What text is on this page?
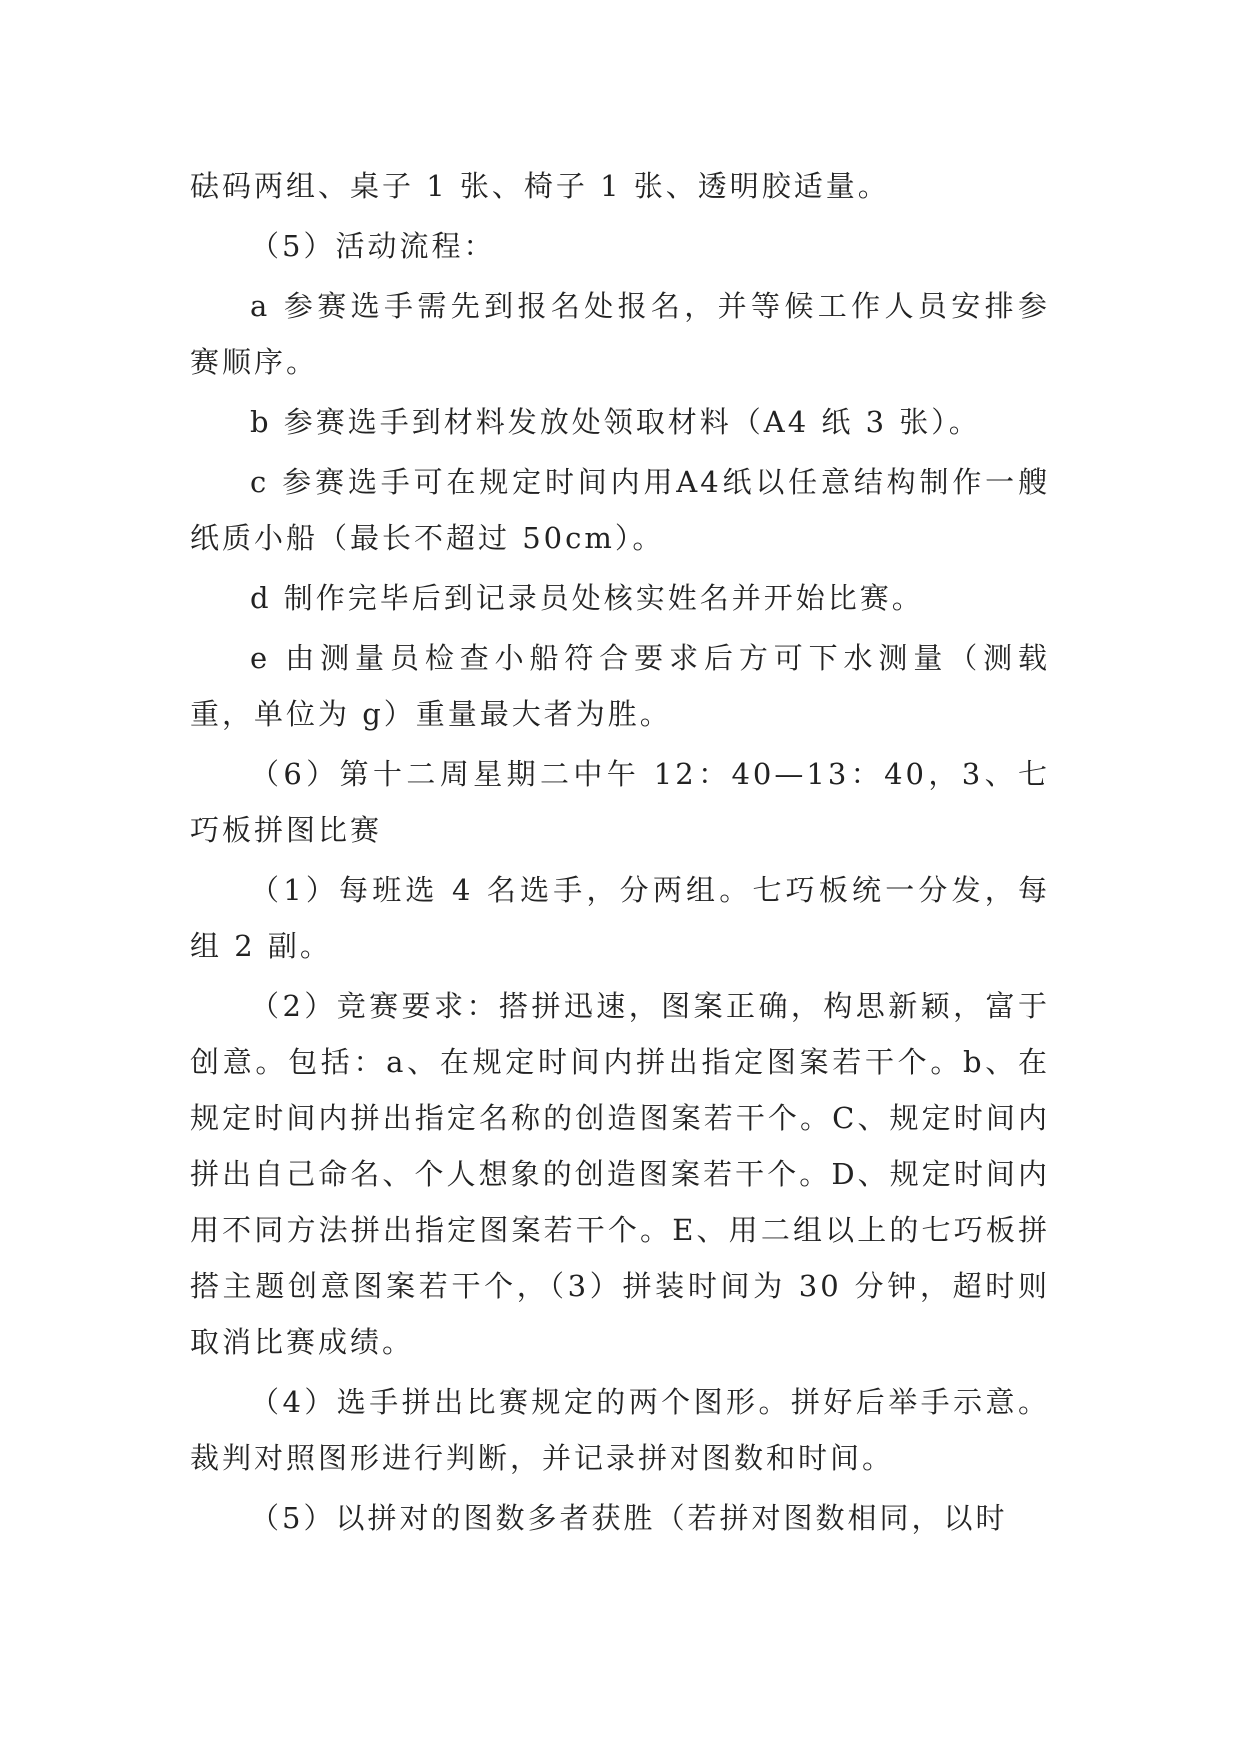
砝码两组、桌子 1 张、椅子 1 张、透明胶适量。

（5）活动流程：

a 参赛选手需先到报名处报名，并等候工作人员安排参赛顺序。

b 参赛选手到材料发放处领取材料（A4 纸 3 张）。

c 参赛选手可在规定时间内用A4纸以任意结构制作一艘纸质小船（最长不超过 50cm）。

d 制作完毕后到记录员处核实姓名并开始比赛。

e 由测量员检查小船符合要求后方可下水测量（测载重，单位为 g）重量最大者为胜。

（6）第十二周星期二中午 12：40—13：40，3、七巧板拼图比赛

（1）每班选 4 名选手，分两组。七巧板统一分发，每组 2 副。

（2）竞赛要求：搭拼迅速，图案正确，构思新颖，富于创意。包括：a、在规定时间内拼出指定图案若干个。b、在规定时间内拼出指定名称的创造图案若干个。C、规定时间内拼出自己命名、个人想象的创造图案若干个。D、规定时间内用不同方法拼出指定图案若干个。E、用二组以上的七巧板拼搭主题创意图案若干个，（3）拼装时间为 30 分钟，超时则取消比赛成绩。

（4）选手拼出比赛规定的两个图形。拼好后举手示意。裁判对照图形进行判断，并记录拼对图数和时间。

（5）以拼对的图数多者获胜（若拼对图数相同，以时
